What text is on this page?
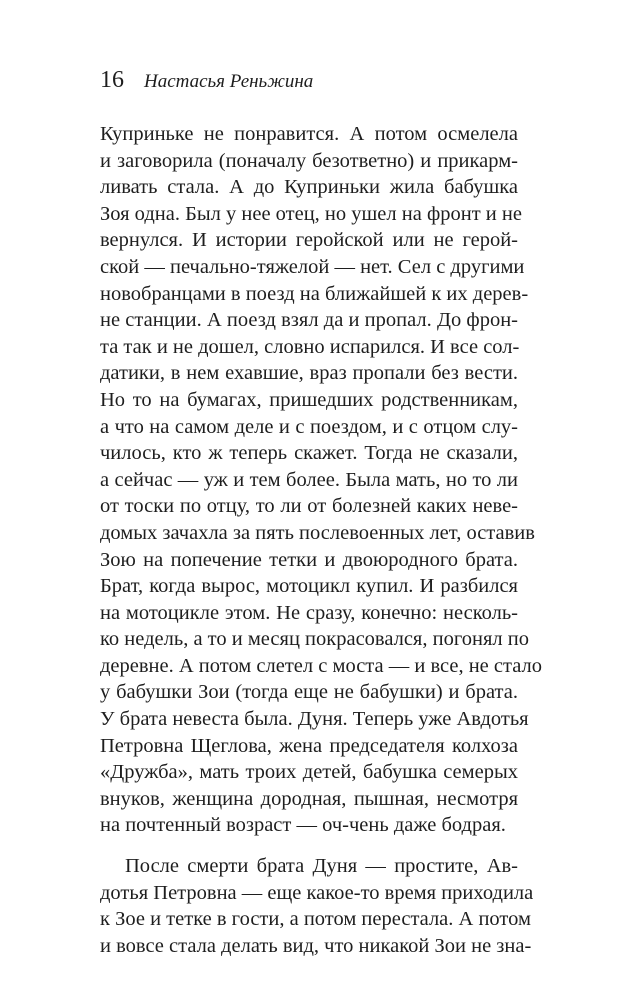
16 Настасья Реньжина
Куприньке не понравится. А потом осмелела
и заговорила (поначалу безответно) и прикарм-
ливать стала. А до Куприньки жила бабушка
Зоя одна. Был у нее отец, но ушел на фронт и не
вернулся. И истории геройской или не герой-
ской — печально-тяжелой — нет. Сел с другими
новобранцами в поезд на ближайшей к их дерев-
не станции. А поезд взял да и пропал. До фрон-
та так и не дошел, словно испарился. И все сол-
датики, в нем ехавшие, враз пропали без вести.
Но то на бумагах, пришедших родственникам,
а что на самом деле и с поездом, и с отцом слу-
чилось, кто ж теперь скажет. Тогда не сказали,
а сейчас — уж и тем более. Была мать, но то ли
от тоски по отцу, то ли от болезней каких неве-
домых зачахла за пять послевоенных лет, оставив
Зою на попечение тетки и двоюродного брата.
Брат, когда вырос, мотоцикл купил. И разбился
на мотоцикле этом. Не сразу, конечно: несколь-
ко недель, а то и месяц покрасовался, погонял по
деревне. А потом слетел с моста — и все, не стало
у бабушки Зои (тогда еще не бабушки) и брата.
У брата невеста была. Дуня. Теперь уже Авдотья
Петровна Щеглова, жена председателя колхоза
«Дружба», мать троих детей, бабушка семерых
внуков, женщина дородная, пышная, несмотря
на почтенный возраст — оч-чень даже бодрая.
После смерти брата Дуня — простите, Ав-
дотья Петровна — еще какое-то время приходила
к Зое и тетке в гости, а потом перестала. А потом
и вовсе стала делать вид, что никакой Зои не зна-
